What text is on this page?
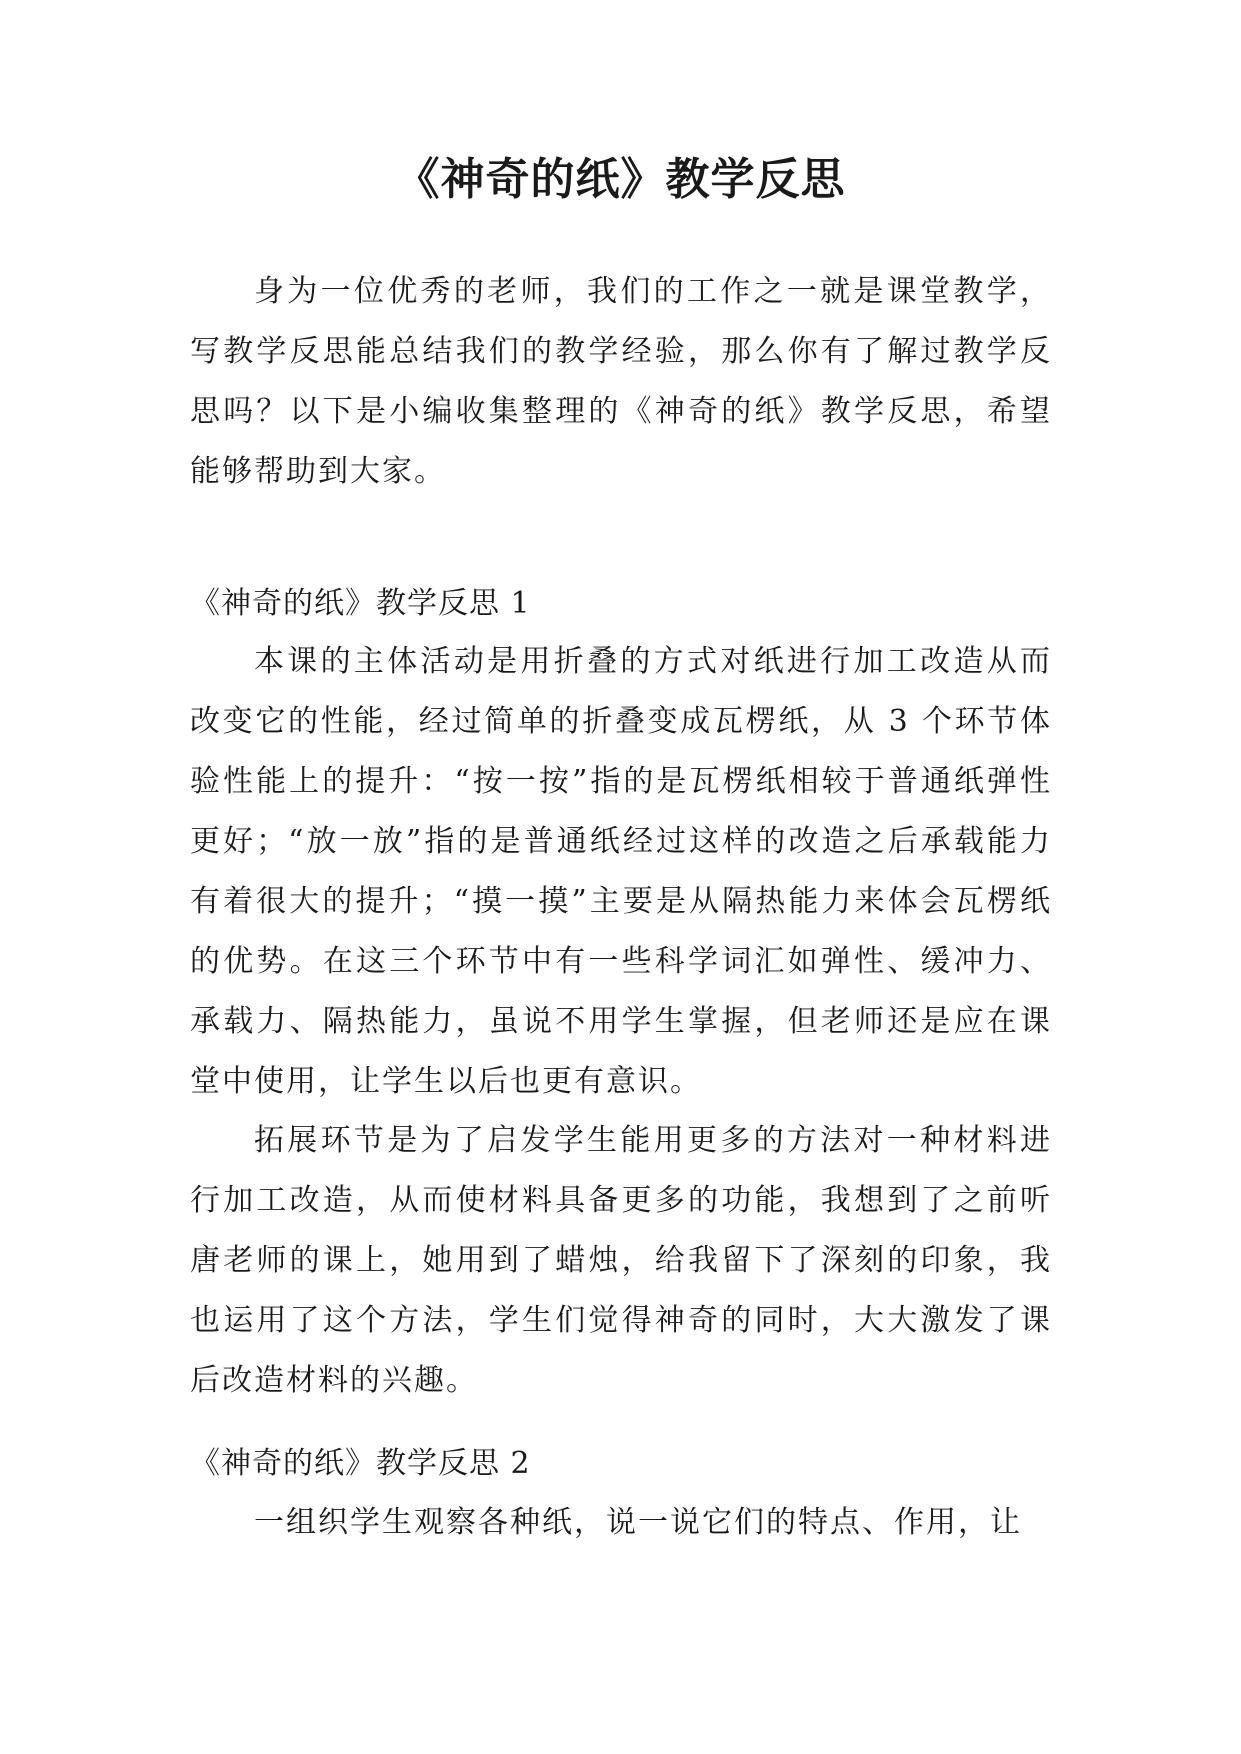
《神奇的纸》教学反思

身为一位优秀的老师，我们的工作之一就是课堂教学，写教学反思能总结我们的教学经验，那么你有了解过教学反思吗？以下是小编收集整理的《神奇的纸》教学反思，希望能够帮助到大家。

《神奇的纸》教学反思 1

本课的主体活动是用折叠的方式对纸进行加工改造从而改变它的性能，经过简单的折叠变成瓦楞纸，从 3 个环节体验性能上的提升：“按一按”指的是瓦楞纸相较于普通纸弹性更好；“放一放”指的是普通纸经过这样的改造之后承载能力有着很大的提升；“摸一摸”主要是从隔热能力来体会瓦楞纸的优势。在这三个环节中有一些科学词汇如弹性、缓冲力、承载力、隔热能力，虽说不用学生掌握，但老师还是应在课堂中使用，让学生以后也更有意识。

拓展环节是为了启发学生能用更多的方法对一种材料进行加工改造，从而使材料具备更多的功能，我想到了之前听唐老师的课上，她用到了蜡烛，给我留下了深刻的印象，我也运用了这个方法，学生们觉得神奇的同时，大大激发了课后改造材料的兴趣。

《神奇的纸》教学反思 2

一组织学生观察各种纸，说一说它们的特点、作用，让
